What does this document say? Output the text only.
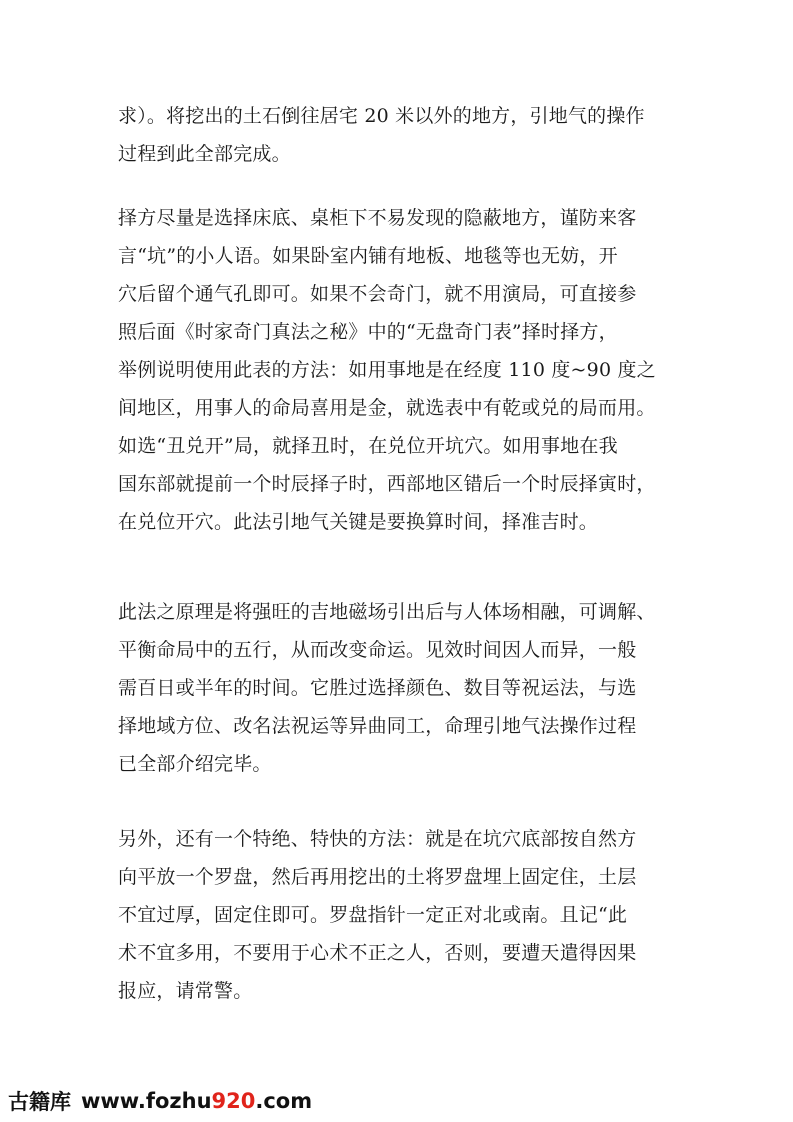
求）。将挖出的土石倒往居宅 20 米以外的地方，引地气的操作
过程到此全部完成。
择方尽量是选择床底、桌柜下不易发现的隐蔽地方，谨防来客
言“坑”的小人语。如果卧室内铺有地板、地毯等也无妨，开
穴后留个通气孔即可。如果不会奇门，就不用演局，可直接参
照后面《时家奇门真法之秘》中的“无盘奇门表”择时择方，
举例说明使用此表的方法：如用事地是在经度 110 度~90 度之
间地区，用事人的命局喜用是金，就选表中有乾或兑的局而用。
如选“丑兑开”局，就择丑时，在兑位开坑穴。如用事地在我
国东部就提前一个时辰择子时，西部地区错后一个时辰择寅时，
在兑位开穴。此法引地气关键是要换算时间，择准吉时。
此法之原理是将强旺的吉地磁场引出后与人体场相融，可调解、
平衡命局中的五行，从而改变命运。见效时间因人而异，一般
需百日或半年的时间。它胜过选择颜色、数目等祝运法，与选
择地域方位、改名法祝运等异曲同工，命理引地气法操作过程
已全部介绍完毕。
另外，还有一个特绝、特快的方法：就是在坑穴底部按自然方
向平放一个罗盘，然后再用挖出的土将罗盘埋上固定住，土层
不宜过厚，固定住即可。罗盘指针一定正对北或南。且记“此
术不宜多用，不要用于心术不正之人，否则，要遭天遣得因果
报应，请常警。
古籍库 www.fozhu920.com
